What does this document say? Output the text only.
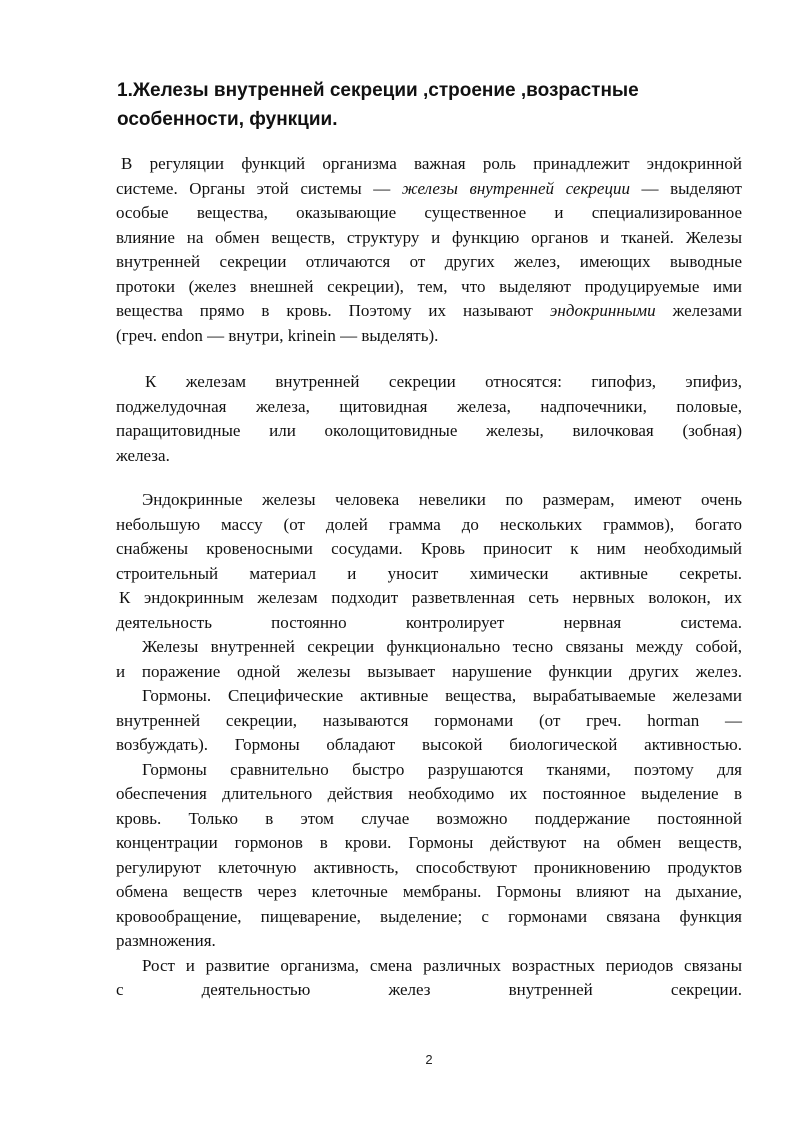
1.Железы внутренней секреции ,строение ,возрастные
особенности, функции.
В регуляции функций организма важная роль принадлежит эндокринной
системе. Органы этой системы — железы внутренней секреции — выделяют
особые вещества, оказывающие существенное и специализированное
влияние на обмен веществ, структуру и функцию органов и тканей. Железы
внутренней секреции отличаются от других желез, имеющих выводные
протоки (желез внешней секреции), тем, что выделяют продуцируемые ими
вещества прямо в кровь. Поэтому их называют эндокринными железами
(греч. endon — внутри, krinein — выделять).
К железам внутренней секреции относятся: гипофиз, эпифиз,
поджелудочная железа, щитовидная железа, надпочечники, половые,
паращитовидные или околощитовидные железы, вилочковая (зобная)
железа.
Эндокринные железы человека невелики по размерам, имеют очень
небольшую массу (от долей грамма до нескольких граммов), богато
снабжены кровеносными сосудами. Кровь приносит к ним необходимый
строительный материал и уносит химически активные секреты.
К эндокринным железам подходит разветвленная сеть нервных волокон, их
деятельность постоянно контролирует нервная система.
Железы внутренней секреции функционально тесно связаны между собой,
и поражение одной железы вызывает нарушение функции других желез.
Гормоны. Специфические активные вещества, вырабатываемые железами
внутренней секреции, называются гормонами (от греч. horman —
возбуждать). Гормоны обладают высокой биологической активностью.
Гормоны сравнительно быстро разрушаются тканями, поэтому для
обеспечения длительного действия необходимо их постоянное выделение в
кровь. Только в этом случае возможно поддержание постоянной
концентрации гормонов в крови. Гормоны действуют на обмен веществ,
регулируют клеточную активность, способствуют проникновению продуктов
обмена веществ через клеточные мембраны. Гормоны влияют на дыхание,
кровообращение, пищеварение, выделение; с гормонами связана функция
размножения.
Рост и развитие организма, смена различных возрастных периодов связаны
с деятельностью желез внутренней секреции.
2
